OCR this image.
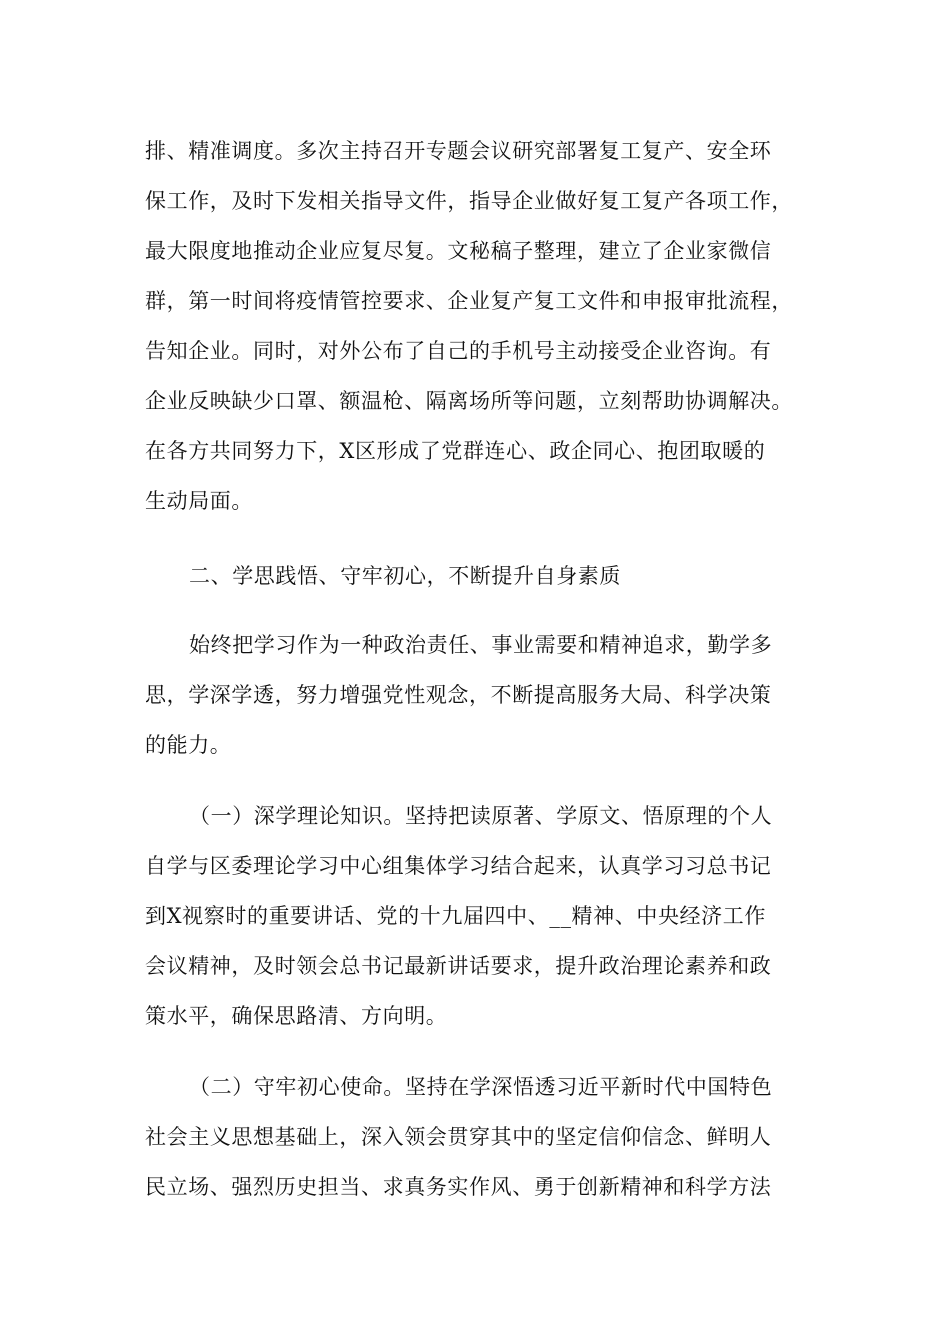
排、精准调度。多次主持召开专题会议研究部署复工复产、安全环
保工作，及时下发相关指导文件，指导企业做好复工复产各项工作，
最大限度地推动企业应复尽复。文秘稿子整理，建立了企业家微信
群，第一时间将疫情管控要求、企业复产复工文件和申报审批流程，
告知企业。同时，对外公布了自己的手机号主动接受企业咨询。有
企业反映缺少口罩、额温枪、隔离场所等问题，立刻帮助协调解决。
在各方共同努力下，X区形成了党群连心、政企同心、抱团取暖的
生动局面。
二、学思践悟、守牢初心，不断提升自身素质
始终把学习作为一种政治责任、事业需要和精神追求，勤学多
思，学深学透，努力增强党性观念，不断提高服务大局、科学决策
的能力。
（一）深学理论知识。坚持把读原著、学原文、悟原理的个人
自学与区委理论学习中心组集体学习结合起来，认真学习习总书记
到X视察时的重要讲话、党的十九届四中、__精神、中央经济工作
会议精神，及时领会总书记最新讲话要求，提升政治理论素养和政
策水平，确保思路清、方向明。
（二）守牢初心使命。坚持在学深悟透习近平新时代中国特色
社会主义思想基础上，深入领会贯穿其中的坚定信仰信念、鲜明人
民立场、强烈历史担当、求真务实作风、勇于创新精神和科学方法
